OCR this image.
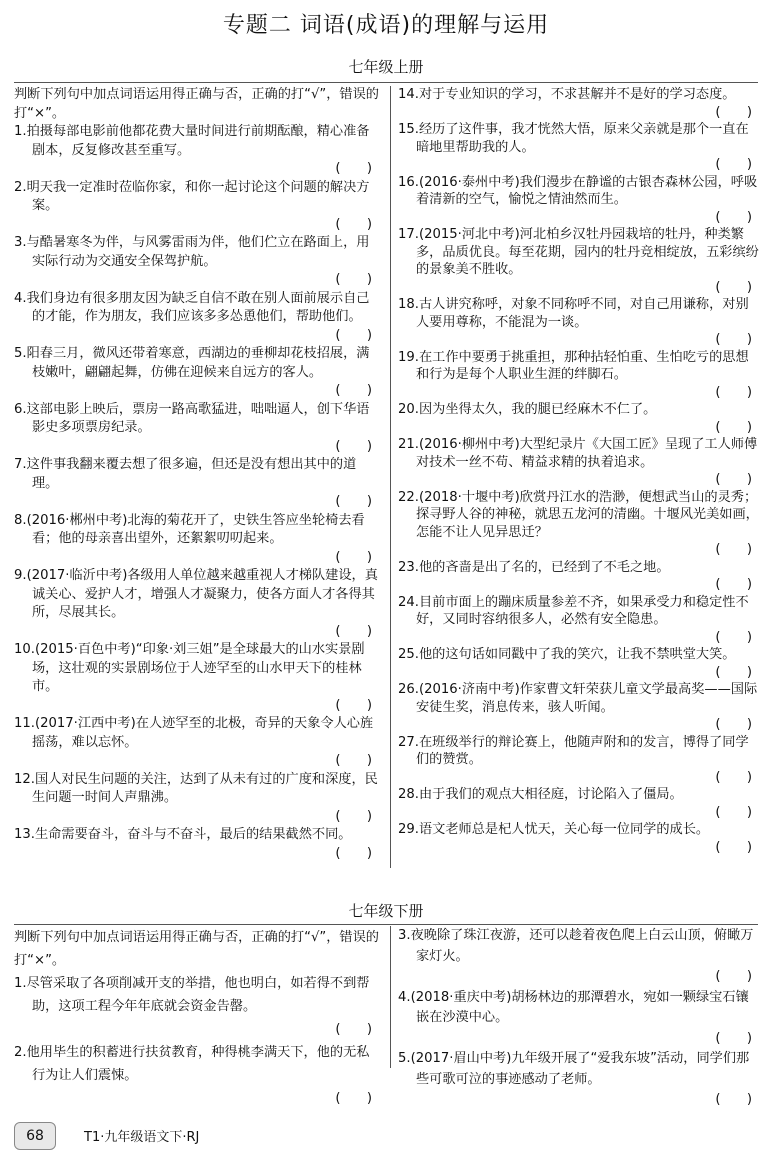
专题二 词语(成语)的理解与运用
七年级上册
判断下列句中加点词语运用得正确与否，正确的打“√”，错误的打“×”。
1.拍摄每部电影前他都花费大量时间进行前期酝酿，精心准备剧本，反复修改甚至重写。
(　　)
2.明天我一定准时莅临你家，和你一起讨论这个问题的解决方案。
(　　)
3.与酷暑寒冬为伴，与风雾雷雨为伴，他们伫立在路面上，用实际行动为交通安全保驾护航。
(　　)
4.我们身边有很多朋友因为缺乏自信不敢在别人面前展示自己的才能，作为朋友，我们应该多多怂恿他们，帮助他们。
(　　)
5.阳春三月，微风还带着寒意，西湖边的垂柳却花枝招展，满枝嫩叶，翩翩起舞，仿佛在迎候来自远方的客人。
(　　)
6.这部电影上映后，票房一路高歌猛进，咄咄逼人，创下华语影史多项票房纪录。
(　　)
7.这件事我翻来覆去想了很多遍，但还是没有想出其中的道理。
(　　)
8.(2016·郴州中考)北海的菊花开了，史铁生答应坐轮椅去看看；他的母亲喜出望外，还絮絮叨叨起来。
(　　)
9.(2017·临沂中考)各级用人单位越来越重视人才梯队建设，真诚关心、爱护人才，增强人才凝聚力，使各方面人才各得其所，尽展其长。
(　　)
10.(2015·百色中考)“印象·刘三姐”是全球最大的山水实景剧场，这壮观的实景剧场位于人迹罕至的山水甲天下的桂林市。
(　　)
11.(2017·江西中考)在人迹罕至的北极，奇异的天象令人心旌摇荡，难以忘怀。
(　　)
12.国人对民生问题的关注，达到了从未有过的广度和深度，民生问题一时间人声鼎沸。
(　　)
13.生命需要奋斗，奋斗与不奋斗，最后的结果截然不同。
(　　)
14.对于专业知识的学习，不求甚解并不是好的学习态度。
(　　)
15.经历了这件事，我才恍然大悟，原来父亲就是那个一直在暗地里帮助我的人。
(　　)
16.(2016·泰州中考)我们漫步在静谧的古银杏森林公园，呼吸着清新的空气，愉悦之情油然而生。
(　　)
17.(2015·河北中考)河北柏乡汉牡丹园栽培的牡丹，种类繁多，品质优良。每至花期，园内的牡丹竞相绽放，五彩缤纷的景象美不胜收。
(　　)
18.古人讲究称呼，对象不同称呼不同，对自己用谦称，对别人要用尊称，不能混为一谈。
(　　)
19.在工作中要勇于挑重担，那种拈轻怕重、生怕吃亏的思想和行为是每个人职业生涯的绊脚石。
(　　)
20.因为坐得太久，我的腿已经麻木不仁了。
(　　)
21.(2016·柳州中考)大型纪录片《大国工匠》呈现了工人师傅对技术一丝不苟、精益求精的执着追求。
(　　)
22.(2018·十堰中考)欣赏丹江水的浩渺，便想武当山的灵秀；探寻野人谷的神秘，就思五龙河的清幽。十堰风光美如画，怎能不让人见异思迁？
(　　)
23.他的吝啬是出了名的，已经到了不毛之地。
(　　)
24.目前市面上的蹦床质量参差不齐，如果承受力和稳定性不好，又同时容纳很多人，必然有安全隐患。
(　　)
25.他的这句话如同戳中了我的笑穴，让我不禁哄堂大笑。
(　　)
26.(2016·济南中考)作家曹文轩荣获儿童文学最高奖——国际安徒生奖，消息传来，骇人听闻。
(　　)
27.在班级举行的辩论赛上，他随声附和的发言，博得了同学们的赞赏。
(　　)
28.由于我们的观点大相径庭，讨论陷入了僵局。
(　　)
29.语文老师总是杞人忧天，关心每一位同学的成长。
(　　)
七年级下册
判断下列句中加点词语运用得正确与否，正确的打“√”，错误的打“×”。
1.尽管采取了各项削减开支的举措，他也明白，如若得不到帮助，这项工程今年年底就会资金告罄。
(　　)
2.他用毕生的积蓄进行扶贫教育，种得桃李满天下，他的无私行为让人们震悚。
(　　)
3.夜晚除了珠江夜游，还可以趁着夜色爬上白云山顶，俯瞰万家灯火。
(　　)
4.(2018·重庆中考)胡杨林边的那潭碧水，宛如一颗绿宝石镶嵌在沙漠中心。
(　　)
5.(2017·眉山中考)九年级开展了“爱我东坡”活动，同学们那些可歌可泣的事迹感动了老师。
(　　)
68	T1·九年级语文下·RJ
